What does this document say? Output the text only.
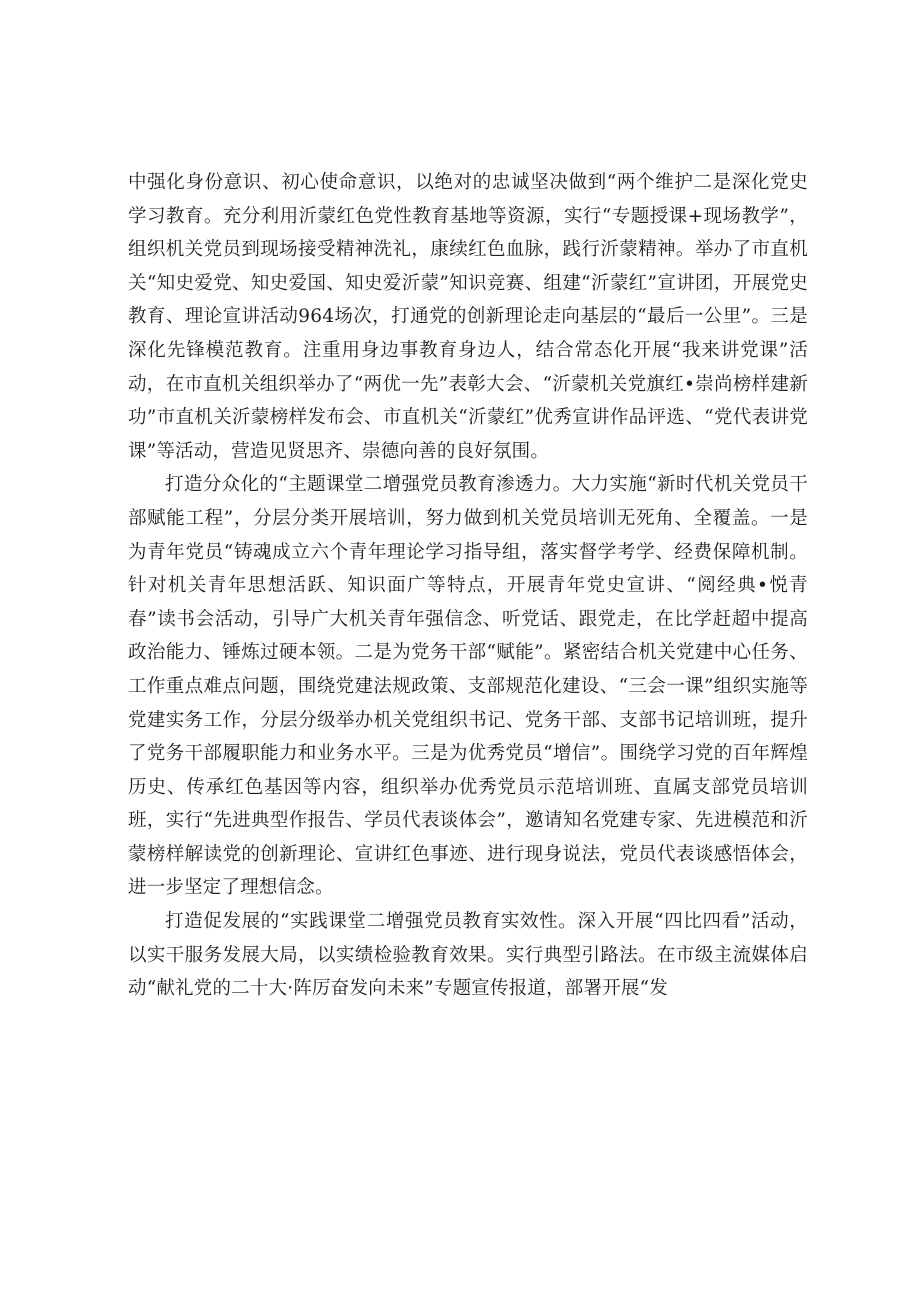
中强化身份意识、初心使命意识，以绝对的忠诚坚决做到“两个维护二是深化党史学习教育。充分利用沂蒙红色党性教育基地等资源，实行“专题授课+现场教学”，组织机关党员到现场接受精神洗礼，康续红色血脉，践行沂蒙精神。举办了市直机关“知史爱党、知史爱国、知史爱沂蒙”知识竞赛、组建“沂蒙红”宣讲团，开展党史教育、理论宣讲活动964场次，打通党的创新理论走向基层的“最后一公里”。三是深化先锋模范教育。注重用身边事教育身边人，结合常态化开展“我来讲党课”活动，在市直机关组织举办了“两优一先”表彰大会、“沂蒙机关党旗红•崇尚榜样建新功”市直机关沂蒙榜样发布会、市直机关“沂蒙红”优秀宣讲作品评选、“党代表讲党课”等活动，营造见贤思齐、崇德向善的良好氛围。

打造分众化的“主题课堂二增强党员教育渗透力。大力实施“新时代机关党员干部赋能工程”，分层分类开展培训，努力做到机关党员培训无死角、全覆盖。一是为青年党员“铸魂成立六个青年理论学习指导组，落实督学考学、经费保障机制。针对机关青年思想活跃、知识面广等特点，开展青年党史宣讲、“阅经典•悦青春”读书会活动，引导广大机关青年强信念、听党话、跟党走，在比学赶超中提高政治能力、锤炼过硬本领。二是为党务干部“赋能”。紧密结合机关党建中心任务、工作重点难点问题，围绕党建法规政策、支部规范化建设、“三会一课”组织实施等党建实务工作，分层分级举办机关党组织书记、党务干部、支部书记培训班，提升了党务干部履职能力和业务水平。三是为优秀党员“增信”。围绕学习党的百年辉煌历史、传承红色基因等内容，组织举办优秀党员示范培训班、直属支部党员培训班，实行“先进典型作报告、学员代表谈体会”，邀请知名党建专家、先进模范和沂蒙榜样解读党的创新理论、宣讲红色事迹、进行现身说法，党员代表谈感悟体会，进一步坚定了理想信念。

打造促发展的“实践课堂二增强党员教育实效性。深入开展“四比四看”活动，以实干服务发展大局，以实绩检验教育效果。实行典型引路法。在市级主流媒体启动“献礼党的二十大·阵厉奋发向未来”专题宣传报道，部署开展“发
